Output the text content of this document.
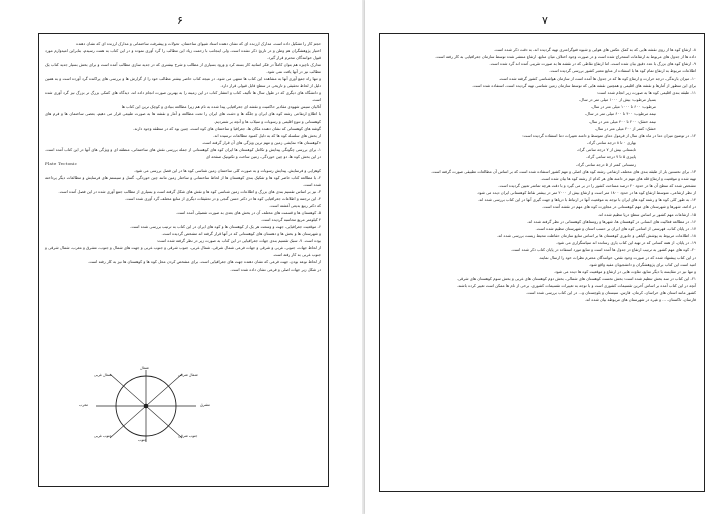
۶

حجم کار را تشکیل داده است، مدارک ارزنده ای که نشان دهنده استاد شیوای ساختمان، تحولات و پیشرفت ساختمانی و مدارک ارزنده ای که نشان دهنده

اختیار پژوهشگران هم وطن و در تاریخ ذکر نشده است، ولی اینجانب با زحمت زیاد این مطالب را گرد آوری نموده و در این کتاب به همت رسیدم، بنابراین امیدوارم مورد قبول خوانندگان محترم قرار گیرد.

مدارک ناچیزه هم بتوان کاملاً در فکر اساتید کار بسته کرد و ورود بسیاری از مطالب و شرح بیشتری که در جدید سازی مطالب آمده است و برای بخش بسیار جدید کتاب یک مطالب نیز در آنها یافت نمی شود.

و تنها راه جمع آوری آنها به مشاهده این کتاب ها منتهی می شود، در نتیجه کتاب حاضر بیشتر مطالب خود را از گزارش ها و بررسی های پراکنده گرد آورده است و به همین دلیل از لحاظ تحقیقی و تاریخی در سطح قابل قبولی قرار دارد.

و دانشگاه های دیگری که در طول سال ها تألیف کتاب و انتشار کتاب در این زمینه را به بهترین صورت انجام داده اند، دیدگاه های کمکی بزرگ تر بزرگ نیز گرد آوری شده است.

آتالیان سیس شهودی مقادیر حاکمیت و نقشه ای جغرافیایی پیدا شده به نام هم زیرا مطالعه بنیادی و کوچک ترین این کتاب ها

با اطلاع ارتفاعی رشته کوه های ایران و جلگه ها و دشت های ایران را تحت مطالعه و آمار و نقشه ها به صورت طبیعی قرار می دهیم، بعضی ساختمان ها و فرم های کوهستانی و تنوع اقلیمی و رسوبات و سیلاب ها و آنچه بر شمردیم.

گوشه های کوهستانی که نشان دهنده مکان ها، جغرافیا و ساختمان های کوه است، چنین بود که در منطقه وجود دارند.

از بخش های سلسله کوه ها که به دلیل کمبود مطالعات نرسیده اند.

«کوهستان ها» نمایشی زمین و مهم ترین ویژگی های آن قرار گرفته است.

۱- برای بررسی چگونگی پیدایش و تکامل کوهستان ها ایران کوه های کوهستانی از جمله بررسی نقش های ساختمانی، منطقه ای و ویژگی های آنها در این کتاب آمده است. در این بخش کوه ها، دو چین خوردگی، زمین ساخت و تکتونیک صفحه ای

Plate Tectonic

کوهزایی و فرسایش، پیدایش رسوبات و به صورت کلی ساختمان زمین شناسی کوه ها در این فصل بررسی می شود.

۲- با مطالعه کتاب حاضر کوه ها و تفکیک بندی کوهستان ها از لحاظ ساختمانی و ساختار زمین مانند چین خوردگی، گسل و سیستم های فرسایش و مطالعات دیگر پرداخته شده است.

۳- نیز بر اساس تقسیم بندی های بزرگ و اطلاعات زمین شناسی کوه ها و نقش های شکل گرفته است و بسیاری از مطالب جمع آوری شده در این فصل آمده است.

۴- این ترجمه و اطلاعات جغرافیایی کوه ها در دکتر حسن گنجی و در تحقیقات دیگری از منابع مختلف گرد آوری شده است.

که دکتر ربیع بدیعی آغشته است.

۵- کوهستان ها و قسمت های مختلف آن در بخش های بعدی به صورت تفصیلی آمده است.

۴ کیلومتر مربع محاسبه گردیده است.

۶- موقعیت جغرافیایی، جهت و وسعت هر یک از کوهستان ها و کوه های ایران در این کتاب به ترتیب بررسی شده است.

و شهرستان ها و بخش ها و دهستان های کوهستانی که در آنها قرار گرفته اند مشخص گردیده است.

بوده است. ۷- سبک تقسیم بندی جهات جغرافیایی در این کتاب به صورت زیر در نظر گرفته شده است:

از لحاظ جهات، جنوبی، غربی و شرقی و جهات فرعی شمال شرقی، شمال غربی، جنوب شرقی و جنوب غربی و جهت های شمال و جنوب، مشرق و مغرب، شمال شرقی و جنوب غربی به کار رفته است.

از لحاظ نوعه بودن، جهت فرعی که نشان دهنده جهت های جغرافیایی است، برای مشخص کردن محل کوه ها و کوهستان ها نیز به کار رفته است.

در شکل زیر جهات اصلی و فرعی نشان داده شده است.

شمال
جنوب
مشرق
مغرب
شمال شرقی
شمال غربی
جنوب شرقی
جنوب غربی
۷

۸- ارتفاع کوه ها از روی نقشه هایی که به کمک عکس های هوایی و شیوه فتوگرامتری تهیه گردیده اند، به دقت ذکر شده است.

داده ها از جدول های مربوط به ارتفاعات استخراج شده است و در صورت وجود اختلاف میان منابع، ارتفاع منتشر شده توسط سازمان جغرافیایی به کار رفته است.

۹- ارتفاع کوه های بزرگ با عدد دقیق بیان شده است، اما ارتفاع نقاطی که در نقشه ها به صورت تقریبی آمده اند گرد شده است.

اطلاعات مربوط به ارتفاع تمام کوه ها با استفاده از منابع معتبر کشور بررسی گردیده است.

۱۰- میزان بارندگی، درجه حرارت و ارتفاع کوه ها که در جدول ها آمده است از سازمان هواشناسی کشور گرفته شده است.

برای این منظور از آمارها و نقشه های اقلیمی و همچنین نقشه هایی که توسط سازمان زمین شناسی تهیه گردیده است، استفاده شده است.

۱۱- طبقه بندی اقلیمی کوه ها به صورت زیر انجام شده است:

بسیار مرطوب: بیش از ۱۰۰۰ میلی متر در سال،

مرطوب: ۶۰۰ تا ۱۰۰۰ میلی متر در سال،

نیمه مرطوب: ۴۰۰ تا ۶۰۰ میلی متر در سال،

نیمه خشک: ۲۰۰ تا ۴۰۰ میلی متر در سال،

خشک: کمتر از ۲۰۰ میلی متر در سال،

۱۲- در توضیح میزان دما در ماه های سال از فرمول دمای متوسط و دامنه تغییرات دما استفاده گردیده است:

بهاری ۰ تا ۸ درجه سانتی گراد،

تابستانی بیش از ۷ درجه سانتی گراد،

پاییزی ۵ تا ۷ درجه سانتی گراد،

زمستانی کمتر از ۵ درجه سانتی گراد،

۱۳- برای نخستین بار از طبقه بندی های مختلف ارتفاعی رشته کوه های اصلی و مهم کشور استفاده شده است که بر اساس آن مطالعات تطبیقی صورت گرفته است.

تهیه شده و موقعیت و ارتفاع قله های مهم در دامنه های هر کدام از رشته کوه ها بیان شده است.

مشخص شده که سطح آن ها در حدود ۲۰ درصد مساحت کشور را در بر می گیرد و با دقت هرچه تمامتر تعیین گردیده است.

از نظر ارتفاعی، متوسط ارتفاع کوه ها در حدود ۱۸۰۰ متر است و ارتفاع بیش از ۲۰۰۰ متر در بیشتر نقاط کوهستانی ایران دیده می شود.

۱۴- به طور کلی کوه ها و رشته کوه های ایران با توجه به موقعیت آنها در ارتباط با دریاها و جهت گیری آنها در این کتاب بررسی شده اند.

در ادامه، شهرها و شهرستان های مهم کوهستانی در مجاورت کوه های مهم در نقشه آمده است.

۱۵- ارتفاعات مهم کشور بر اساس سطح دریا تنظیم شده اند.

۱۶- در مطالعه فعالیت های انسانی در کوهستان ها، شهرها و روستاهای کوهستانی در نظر گرفته شده اند.

۱۷- در پایان کتاب، فهرستی از اسامی کوه های ایران بر حسب استان و شهرستان تنظیم شده است.

۱۸- اطلاعات مربوط به پوشش گیاهی و جانوری کوهستان ها بر اساس منابع سازمان حفاظت محیط زیست بررسی شده اند.

۱۹- در پایان، از همه کسانی که در تهیه این کتاب یاری رسانده اند سپاسگزاری می شود.

۲۰- کوه های مهم کشور به ترتیب ارتفاع در جدول ها آمده است و منابع مورد استفاده در پایان کتاب ذکر شده است.

در این کتاب پیشنهاد شده که در صورت وجود نقص، خوانندگان محترم نظرات خود را ارسال نمایند.

امید است این کتاب برای پژوهشگران و دانشجویان مفید واقع شود.

و تنها نیز در مقایسه با دیگر منابع، تفاوت هایی در ارتفاع و موقعیت کوه ها دیده می شود.

۲۱- این کتاب در سه بخش تنظیم شده است: بخش نخست کوهستان های شمالی، بخش دوم کوهستان های غربی و بخش سوم کوهستان های شرقی.

آنچه در این کتاب آمده بر اساس آخرین تقسیمات کشوری است و با توجه به تغییرات تقسیمات کشوری، برخی از نام ها ممکن است تغییر کرده باشند.

کشور مانند استان های خراسان، کرمان، فارس، سیستان و بلوچستان و... در این کتاب بررسی شده است.

فارسان، تاکستان، ... و غیره در شهرستان های مربوطه بیان شده اند.
